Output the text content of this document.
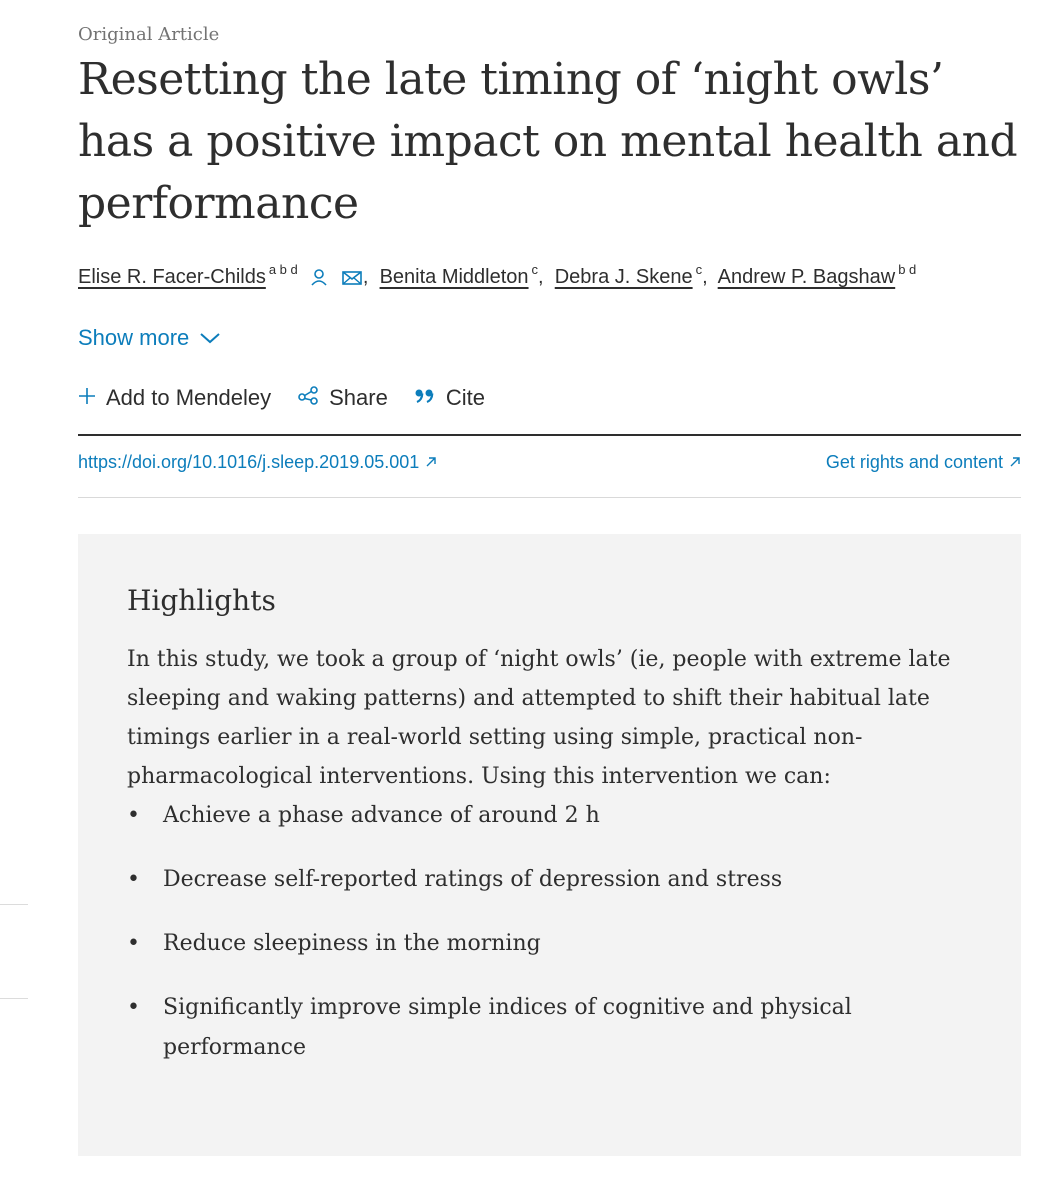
Original Article
Resetting the late timing of ‘night owls’ has a positive impact on mental health and performance
Elise R. Facer-Childs $^{a b d}$	,  Benita Middleton $^c$,  Debra J. Skene $^c$,  Andrew P. Bagshaw $^{b d}$
Show more
Add to Mendeley	Share	Cite
https://doi.org/10.1016/j.sleep.2019.05.001	Get rights and content
Highlights

In this study, we took a group of ‘night owls’ (ie, people with extreme late sleeping and waking patterns) and attempted to shift their habitual late timings earlier in a real-world setting using simple, practical non-pharmacological interventions. Using this intervention we can:

•	Achieve a phase advance of around 2 h
•	Decrease self-reported ratings of depression and stress
•	Reduce sleepiness in the morning
•	Significantly improve simple indices of cognitive and physical performance
